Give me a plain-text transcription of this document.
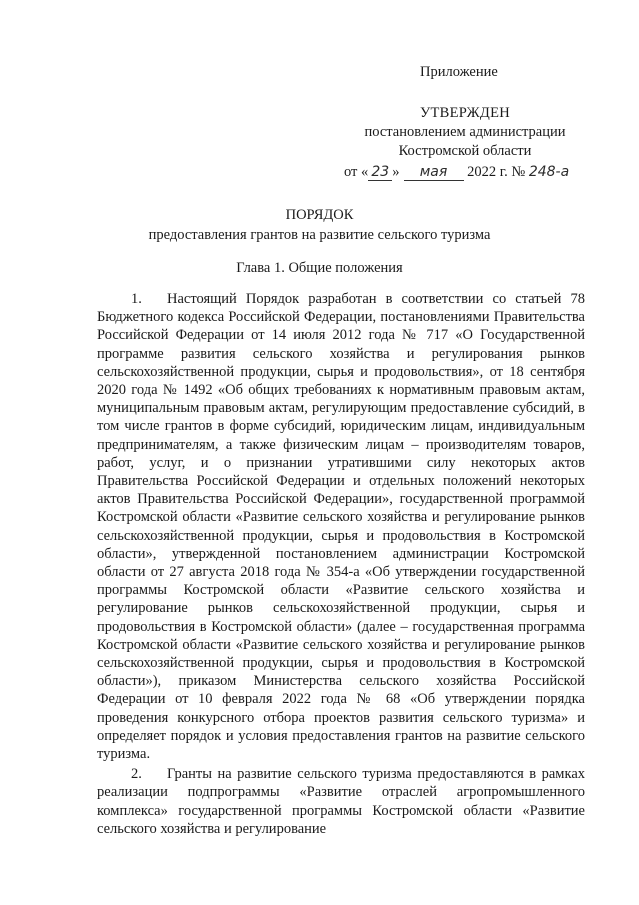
Приложение
УТВЕРЖДЕН
постановлением администрации
Костромской области
от « 23 » мая 2022 г. № 248-а
ПОРЯДОК
предоставления грантов на развитие сельского туризма
Глава 1. Общие положения

1. Настоящий Порядок разработан в соответствии со статьей 78 Бюджетного кодекса Российской Федерации, постановлениями Правительства Российской Федерации от 14 июля 2012 года № 717 «О Государственной программе развития сельского хозяйства и регулирования рынков сельскохозяйственной продукции, сырья и продовольствия», от 18 сентября 2020 года № 1492 «Об общих требованиях к нормативным правовым актам, муниципальным правовым актам, регулирующим предоставление субсидий, в том числе грантов в форме субсидий, юридическим лицам, индивидуальным предпринимателям, а также физическим лицам – производителям товаров, работ, услуг, и о признании утратившими силу некоторых актов Правительства Российской Федерации и отдельных положений некоторых актов Правительства Российской Федерации», государственной программой Костромской области «Развитие сельского хозяйства и регулирование рынков сельскохозяйственной продукции, сырья и продовольствия в Костромской области», утвержденной постановлением администрации Костромской области от 27 августа 2018 года № 354-а «Об утверждении государственной программы Костромской области «Развитие сельского хозяйства и регулирование рынков сельскохозяйственной продукции, сырья и продовольствия в Костромской области» (далее – государственная программа Костромской области «Развитие сельского хозяйства и регулирование рынков сельскохозяйственной продукции, сырья и продовольствия в Костромской области»), приказом Министерства сельского хозяйства Российской Федерации от 10 февраля 2022 года № 68 «Об утверждении порядка проведения конкурсного отбора проектов развития сельского туризма» и определяет порядок и условия предоставления грантов на развитие сельского туризма.

2. Гранты на развитие сельского туризма предоставляются в рамках реализации подпрограммы «Развитие отраслей агропромышленного комплекса» государственной программы Костромской области «Развитие сельского хозяйства и регулирование
